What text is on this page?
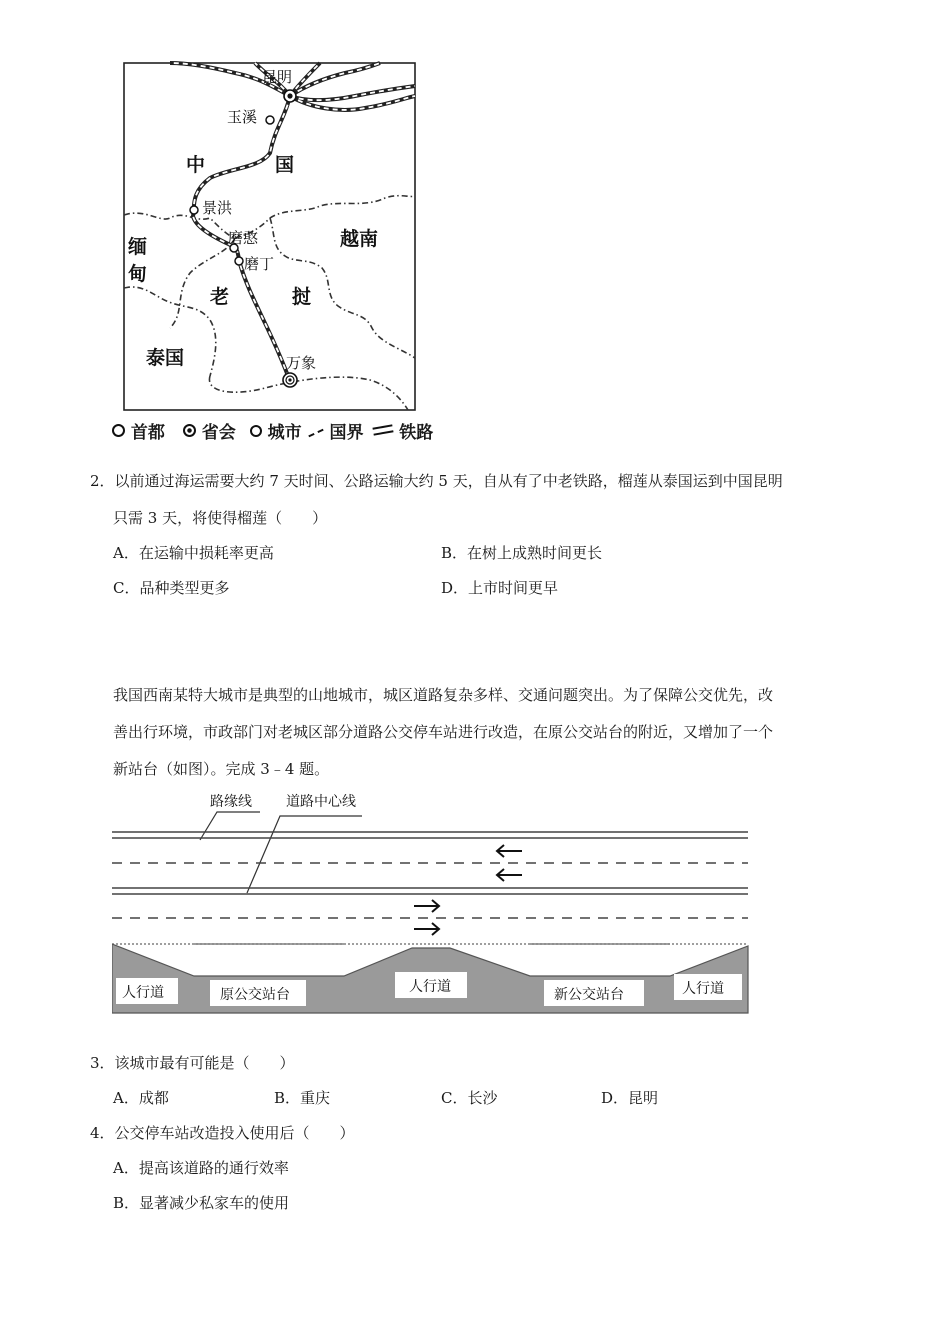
昆明
玉溪
景洪
磨憨
磨丁
万象
中	国
缅
甸
越南
老	挝
泰国
首都 省会 城市 国界 铁路
2．以前通过海运需要大约 7 天时间、公路运输大约 5 天，自从有了中老铁路，榴莲从泰国运到中国昆明
只需 3 天，将使得榴莲（　　）
A．在运输中损耗率更高	B．在树上成熟时间更长
C．品种类型更多	D．上市时间更早
我国西南某特大城市是典型的山地城市，城区道路复杂多样、交通问题突出。为了保障公交优先，改
善出行环境，市政部门对老城区部分道路公交停车站进行改造，在原公交站台的附近，又增加了一个
新站台（如图）。完成 3﹣4 题。
路缘线 道路中心线
人行道	原公交站台	人行道	新公交站台	人行道
3．该城市最有可能是（　　）
A．成都	B．重庆	C．长沙	D．昆明
4．公交停车站改造投入使用后（　　）
A．提高该道路的通行效率
B．显著减少私家车的使用
